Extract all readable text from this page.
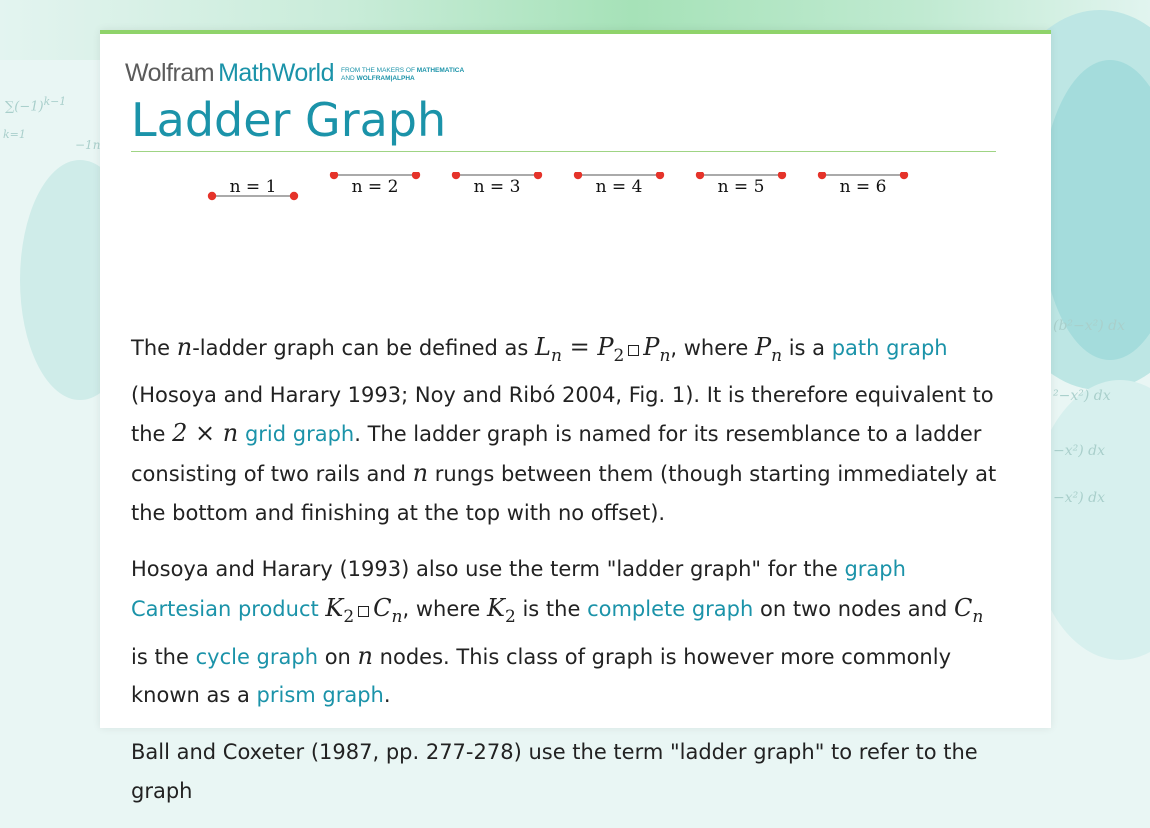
$\sum(-1)^{k-1}$
k=1
−1n
(b²−x²) dx
²−x²) dx
−x²) dx
−x²) dx
Wolfram MathWorld FROM THE MAKERS OF MATHEMATICA
AND WOLFRAM|ALPHA
Ladder Graph
n = 1	n = 2	n = 3	n = 4	n = 5	n = 6

The n-ladder graph can be defined as $L_n = P_2$ $P_n$, where $P_n$ is a path graph (Hosoya and Harary 1993; Noy and Ribó 2004, Fig. 1). It is therefore equivalent to the 2 × n grid graph. The ladder graph is named for its resemblance to a ladder consisting of two rails and n rungs between them (though starting immediately at the bottom and finishing at the top with no offset).

Hosoya and Harary (1993) also use the term "ladder graph" for the graph Cartesian product $K_2$ $C_n$, where $K_2$ is the complete graph on two nodes and $C_n$ is the cycle graph on n nodes. This class of graph is however more commonly known as a prism graph.

Ball and Coxeter (1987, pp. 277-278) use the term "ladder graph" to refer to the graph
